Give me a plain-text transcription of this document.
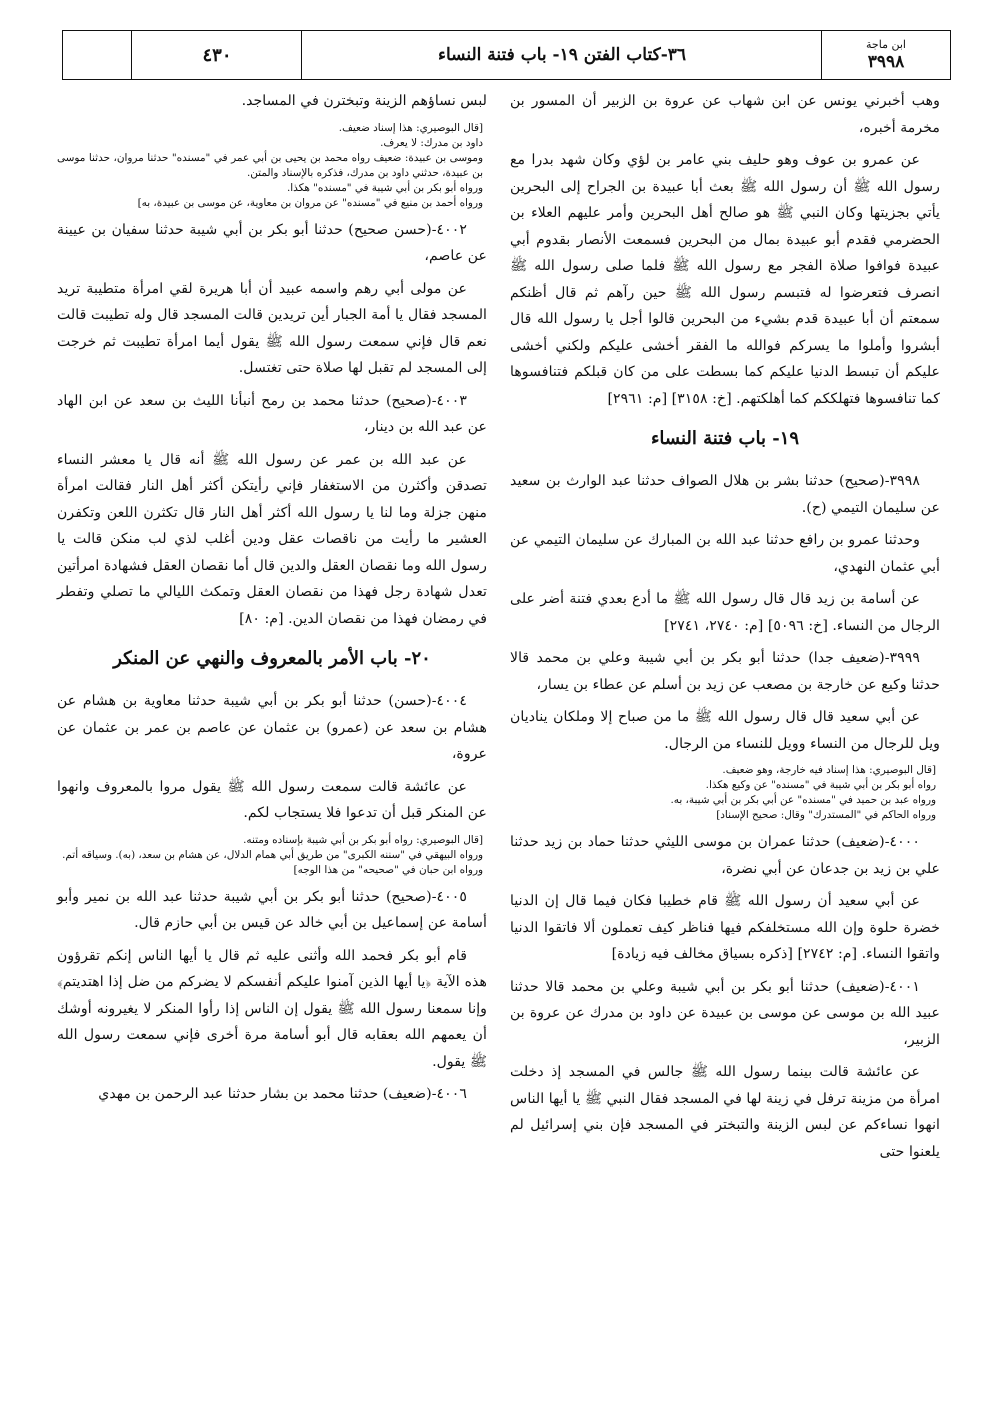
ابن ماجة
٣٩٩٨
٣٦-كتاب الفتن ١٩- باب فتنة النساء
٤٣٠

وهب أخبرني يونس عن ابن شهاب عن عروة بن الزبير أن المسور بن مخرمة أخبره،

عن عمرو بن عوف وهو حليف بني عامر بن لؤي وكان شهد بدرا مع رسول الله ﷺ أن رسول الله ﷺ بعث أبا عبيدة بن الجراح إلى البحرين يأتي بجزيتها وكان النبي ﷺ هو صالح أهل البحرين وأمر عليهم العلاء بن الحضرمي فقدم أبو عبيدة بمال من البحرين فسمعت الأنصار بقدوم أبي عبيدة فوافوا صلاة الفجر مع رسول الله ﷺ فلما صلى رسول الله ﷺ انصرف فتعرضوا له فتبسم رسول الله ﷺ حين رآهم ثم قال أظنكم سمعتم أن أبا عبيدة قدم بشيء من البحرين قالوا أجل يا رسول الله قال أبشروا وأملوا ما يسركم فوالله ما الفقر أخشى عليكم ولكني أخشى عليكم أن تبسط الدنيا عليكم كما بسطت على من كان قبلكم فتنافسوها كما تنافسوها فتهلككم كما أهلكتهم. [خ: ٣١٥٨] [م: ٢٩٦١]

١٩- باب فتنة النساء

٣٩٩٨-(صحيح) حدثنا بشر بن هلال الصواف حدثنا عبد الوارث بن سعيد عن سليمان التيمي (ح).

وحدثنا عمرو بن رافع حدثنا عبد الله بن المبارك عن سليمان التيمي عن أبي عثمان النهدي،

عن أسامة بن زيد قال قال رسول الله ﷺ ما أدع بعدي فتنة أضر على الرجال من النساء. [خ: ٥٠٩٦] [م: ٢٧٤٠، ٢٧٤١]

٣٩٩٩-(ضعيف جدا) حدثنا أبو بكر بن أبي شيبة وعلي بن محمد قالا حدثنا وكيع عن خارجة بن مصعب عن زيد بن أسلم عن عطاء بن يسار،

عن أبي سعيد قال قال رسول الله ﷺ ما من صباح إلا وملكان يناديان ويل للرجال من النساء وويل للنساء من الرجال.

[قال البوصيري: هذا إسناد فيه خارجة، وهو ضعيف.

رواه أبو بكر بن أبي شيبة في "مسنده" عن وكيع هكذا.

ورواه عبد بن حميد في "مسنده" عن أبي بكر بن أبي شيبة، به.

ورواه الحاكم في "المستدرك" وقال: صحيح الإسناد]

٤٠٠٠-(ضعيف) حدثنا عمران بن موسى الليثي حدثنا حماد بن زيد حدثنا علي بن زيد بن جدعان عن أبي نضرة،

عن أبي سعيد أن رسول الله ﷺ قام خطيبا فكان فيما قال إن الدنيا خضرة حلوة وإن الله مستخلفكم فيها فناظر كيف تعملون ألا فاتقوا الدنيا واتقوا النساء. [م: ٢٧٤٢] [ذكره بسياق مخالف فيه زيادة]

٤٠٠١-(ضعيف) حدثنا أبو بكر بن أبي شيبة وعلي بن محمد قالا حدثنا عبيد الله بن موسى عن موسى بن عبيدة عن داود بن مدرك عن عروة بن الزبير،

عن عائشة قالت بينما رسول الله ﷺ جالس في المسجد إذ دخلت امرأة من مزينة ترفل في زينة لها في المسجد فقال النبي ﷺ يا أيها الناس انهوا نساءكم عن لبس الزينة والتبختر في المسجد فإن بني إسرائيل لم يلعنوا حتى

لبس نساؤهم الزينة وتبخترن في المساجد.

[قال البوصيري: هذا إسناد ضعيف.

داود بن مدرك: لا يعرف.

وموسى بن عبيدة: ضعيف رواه محمد بن يحيى بن أبي عمر في "مسنده" حدثنا مروان، حدثنا موسى بن عبيدة، حدثني داود بن مدرك، فذكره بالإسناد والمتن.

ورواه أبو بكر بن أبي شيبة في "مسنده" هكذا.

ورواه أحمد بن منيع في "مسنده" عن مروان بن معاوية، عن موسى بن عبيدة، به]

٤٠٠٢-(حسن صحيح) حدثنا أبو بكر بن أبي شيبة حدثنا سفيان بن عيينة عن عاصم،

عن مولى أبي رهم واسمه عبيد أن أبا هريرة لقي امرأة متطيبة تريد المسجد فقال يا أمة الجبار أين تريدين قالت المسجد قال وله تطيبت قالت نعم قال فإني سمعت رسول الله ﷺ يقول أيما امرأة تطيبت ثم خرجت إلى المسجد لم تقبل لها صلاة حتى تغتسل.

٤٠٠٣-(صحيح) حدثنا محمد بن رمح أنبأنا الليث بن سعد عن ابن الهاد عن عبد الله بن دينار،

عن عبد الله بن عمر عن رسول الله ﷺ أنه قال يا معشر النساء تصدقن وأكثرن من الاستغفار فإني رأيتكن أكثر أهل النار فقالت امرأة منهن جزلة وما لنا يا رسول الله أكثر أهل النار قال تكثرن اللعن وتكفرن العشير ما رأيت من ناقصات عقل ودين أغلب لذي لب منكن قالت يا رسول الله وما نقصان العقل والدين قال أما نقصان العقل فشهادة امرأتين تعدل شهادة رجل فهذا من نقصان العقل وتمكث الليالي ما تصلي وتفطر في رمضان فهذا من نقصان الدين. [م: ٨٠]

٢٠- باب الأمر بالمعروف والنهي عن المنكر

٤٠٠٤-(حسن) حدثنا أبو بكر بن أبي شيبة حدثنا معاوية بن هشام عن هشام بن سعد عن (عمرو) بن عثمان عن عاصم بن عمر بن عثمان عن عروة،

عن عائشة قالت سمعت رسول الله ﷺ يقول مروا بالمعروف وانهوا عن المنكر قبل أن تدعوا فلا يستجاب لكم.

[قال البوصيري: رواه أبو بكر بن أبي شيبة بإسناده ومتنه.

ورواه البيهقي في "سننه الكبرى" من طريق أبي همام الدلال، عن هشام بن سعد، (به). وسياقه أتم.

ورواه ابن حبان في "صحيحه" من هذا الوجه]

٤٠٠٥-(صحيح) حدثنا أبو بكر بن أبي شيبة حدثنا عبد الله بن نمير وأبو أسامة عن إسماعيل بن أبي خالد عن قيس بن أبي حازم قال.

قام أبو بكر فحمد الله وأثنى عليه ثم قال يا أيها الناس إنكم تقرؤون هذه الآية ﴿يا أيها الذين آمنوا عليكم أنفسكم لا يضركم من ضل إذا اهتديتم﴾ وإنا سمعنا رسول الله ﷺ يقول إن الناس إذا رأوا المنكر لا يغيرونه أوشك أن يعمهم الله بعقابه قال أبو أسامة مرة أخرى فإني سمعت رسول الله ﷺ يقول.

٤٠٠٦-(ضعيف) حدثنا محمد بن بشار حدثنا عبد الرحمن بن مهدي
